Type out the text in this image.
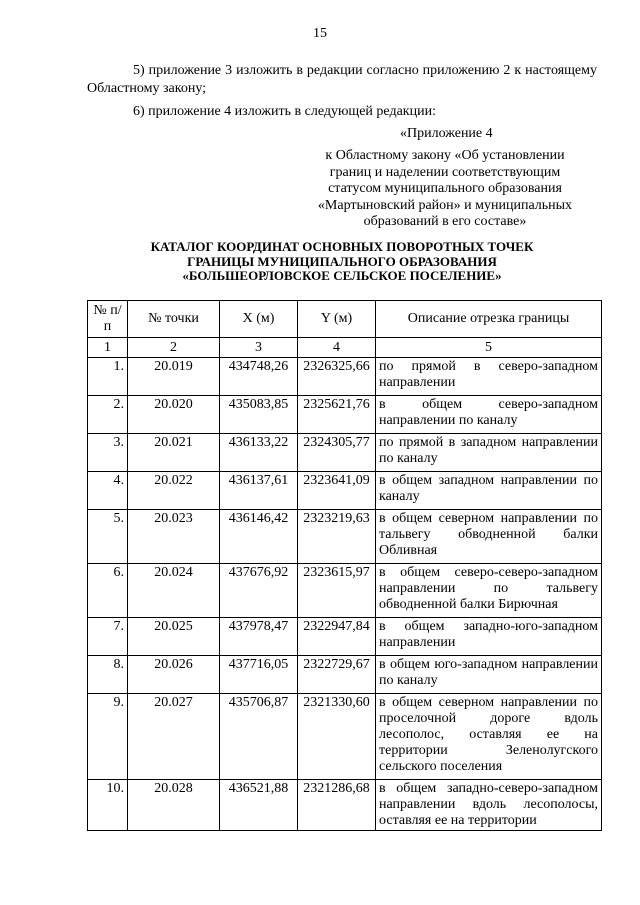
15
5) приложение 3 изложить в редакции согласно приложению 2 к настоящему Областному закону;
6) приложение 4 изложить в следующей редакции:
«Приложение 4
к Областному закону «Об установлении
границ и наделении соответствующим
статусом муниципального образования
«Мартыновский район» и муниципальных
образований в его составе»
КАТАЛОГ КООРДИНАТ ОСНОВНЫХ ПОВОРОТНЫХ ТОЧЕК
ГРАНИЦЫ МУНИЦИПАЛЬНОГО ОБРАЗОВАНИЯ
«БОЛЬШЕОРЛОВСКОЕ СЕЛЬСКОЕ ПОСЕЛЕНИЕ»
№ п/п	№ точки	X (м)	Y (м)	Описание отрезка границы
1	2	3	4	5
1.	20.019	434748,26	2326325,66	по прямой в северо-западном направлении
2.	20.020	435083,85	2325621,76	в общем северо-западном направлении по каналу
3.	20.021	436133,22	2324305,77	по прямой в западном направлении по каналу
4.	20.022	436137,61	2323641,09	в общем западном направлении по каналу
5.	20.023	436146,42	2323219,63	в общем северном направлении по тальвегу обводненной балки Обливная
6.	20.024	437676,92	2323615,97	в общем северо-северо-западном направлении по тальвегу обводненной балки Бирючная
7.	20.025	437978,47	2322947,84	в общем западно-юго-западном направлении
8.	20.026	437716,05	2322729,67	в общем юго-западном направлении по каналу
9.	20.027	435706,87	2321330,60	в общем северном направлении по проселочной дороге вдоль лесополос, оставляя ее на территории Зеленолугского сельского поселения
10.	20.028	436521,88	2321286,68	в общем западно-северо-западном направлении вдоль лесополосы, оставляя ее на территории
